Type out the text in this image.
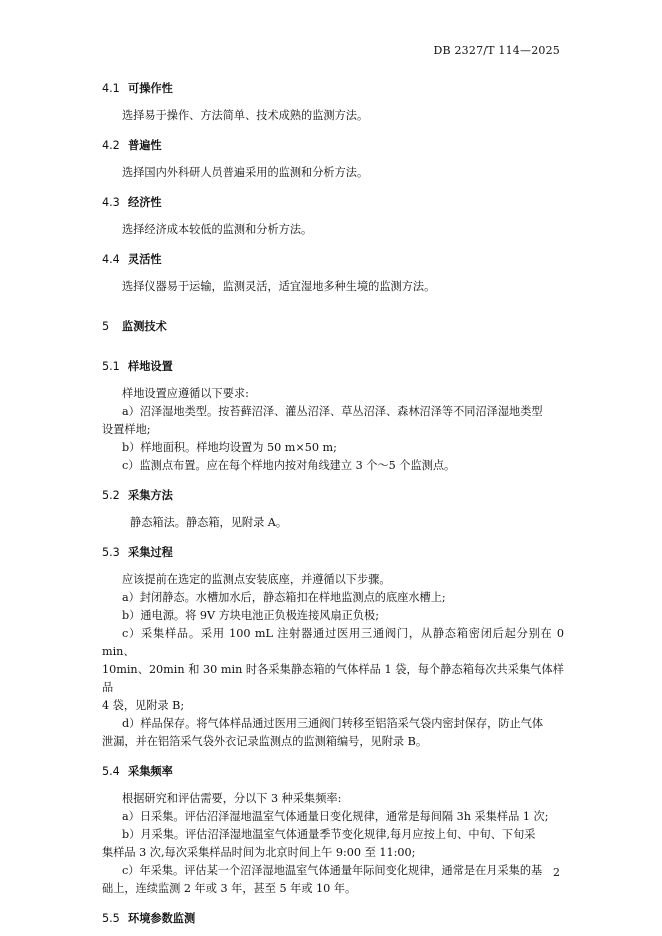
DB 2327/T 114—2025
4.1 可操作性

选择易于操作、方法简单、技术成熟的监测方法。

4.2 普遍性

选择国内外科研人员普遍采用的监测和分析方法。

4.3 经济性

选择经济成本较低的监测和分析方法。

4.4 灵活性

选择仪器易于运输，监测灵活，适宜湿地多种生境的监测方法。

5 监测技术
5.1 样地设置

样地设置应遵循以下要求:

a）沼泽湿地类型。按苔藓沼泽、灌丛沼泽、草丛沼泽、森林沼泽等不同沼泽湿地类型

设置样地;

b）样地面积。样地均设置为 50 m×50 m;

c）监测点布置。应在每个样地内按对角线建立 3 个～5 个监测点。

5.2 采集方法

静态箱法。静态箱，见附录 A。

5.3 采集过程

应该提前在选定的监测点安装底座，并遵循以下步骤。

a）封闭静态。水槽加水后，静态箱扣在样地监测点的底座水槽上;

b）通电源。将 9V 方块电池正负极连接风扇正负极;

c）采集样品。采用 100 mL 注射器通过医用三通阀门，从静态箱密闭后起分别在 0 min、

10min、20min 和 30 min 时各采集静态箱的气体样品 1 袋，每个静态箱每次共采集气体样品

4 袋，见附录 B;

d）样品保存。将气体样品通过医用三通阀门转移至铝箔采气袋内密封保存，防止气体

泄漏，并在铝箔采气袋外衣记录监测点的监测箱编号，见附录 B。

5.4 采集频率

根据研究和评估需要，分以下 3 种采集频率:

a）日采集。评估沼泽湿地温室气体通量日变化规律，通常是每间隔 3h 采集样品 1 次;

b）月采集。评估沼泽湿地温室气体通量季节变化规律,每月应按上旬、中旬、下旬采

集样品 3 次,每次采集样品时间为北京时间上午 9:00 至 11:00;

c）年采集。评估某一个沼泽湿地温室气体通量年际间变化规律，通常是在月采集的基

础上，连续监测 2 年或 3 年，甚至 5 年或 10 年。

5.5 环境参数监测
2
